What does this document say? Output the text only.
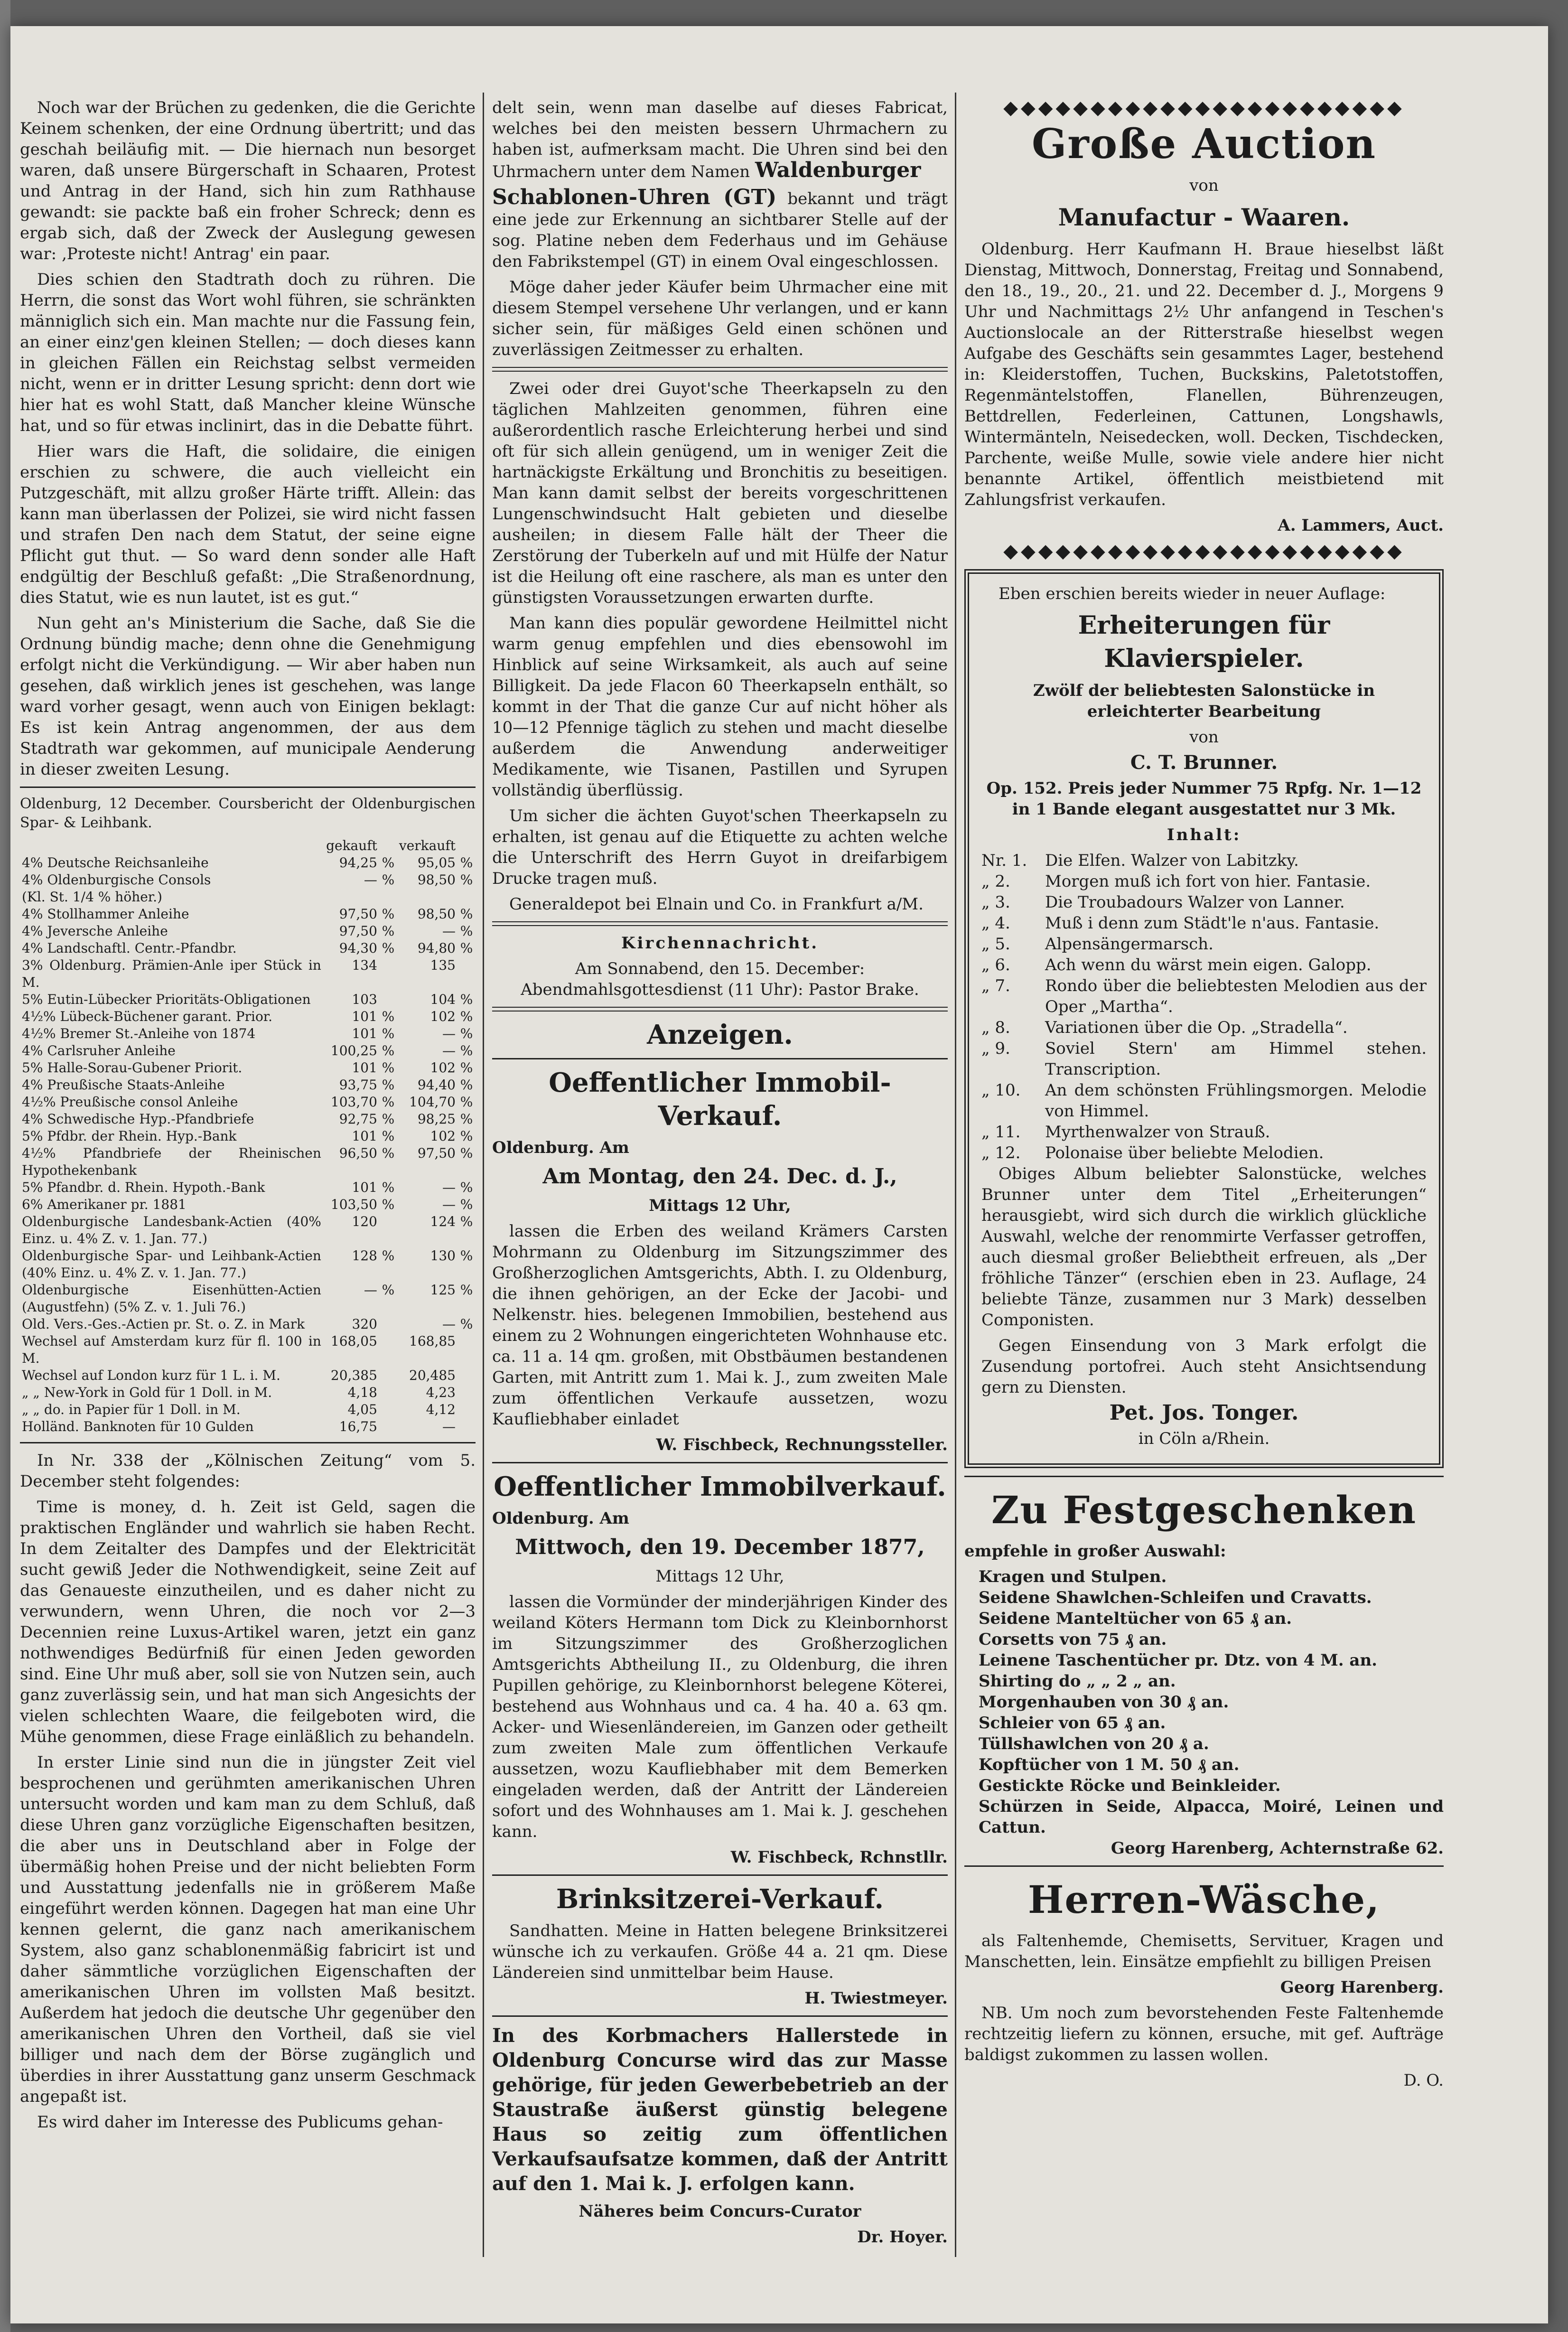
Noch war der Brüchen zu gedenken, die die Gerichte Keinem schenken, der eine Ordnung übertritt; und das geschah beiläufig mit. — Die hiernach nun besorget waren, daß unsere Bürgerschaft in Schaaren, Protest und Antrag in der Hand, sich hin zum Rathhause gewandt: sie packte baß ein froher Schreck; denn es ergab sich, daß der Zweck der Auslegung gewesen war: ‚Proteste nicht! Antrag' ein paar.

Dies schien den Stadtrath doch zu rühren. Die Herrn, die sonst das Wort wohl führen, sie schränkten männiglich sich ein. Man machte nur die Fassung fein, an einer einz'gen kleinen Stellen; — doch dieses kann in gleichen Fällen ein Reichstag selbst vermeiden nicht, wenn er in dritter Lesung spricht: denn dort wie hier hat es wohl Statt, daß Mancher kleine Wünsche hat, und so für etwas inclinirt, das in die Debatte führt.

Hier wars die Haft, die solidaire, die einigen erschien zu schwere, die auch vielleicht ein Putzgeschäft, mit allzu großer Härte trifft. Allein: das kann man überlassen der Polizei, sie wird nicht fassen und strafen Den nach dem Statut, der seine eigne Pflicht gut thut. — So ward denn sonder alle Haft endgültig der Beschluß gefaßt: „Die Straßenordnung, dies Statut, wie es nun lautet, ist es gut.“

Nun geht an's Ministerium die Sache, daß Sie die Ordnung bündig mache; denn ohne die Genehmigung erfolgt nicht die Verkündigung. — Wir aber haben nun gesehen, daß wirklich jenes ist geschehen, was lange ward vorher gesagt, wenn auch von Einigen beklagt: Es ist kein Antrag angenommen, der aus dem Stadtrath war gekommen, auf municipale Aenderung in dieser zweiten Lesung.

Oldenburg, 12 December. Coursbericht der Oldenburgischen Spar- & Leihbank.

	gekauft		verkauft	
4% Deutsche Reichsanleihe	94,25	%	95,05	%
4% Oldenburgische Consols	—	%	98,50	%
(Kl. St. 1/4 % höher.)				
4% Stollhammer Anleihe	97,50	%	98,50	%
4% Jeversche Anleihe	97,50	%	—	%
4% Landschaftl. Centr.-Pfandbr.	94,30	%	94,80	%
3% Oldenburg. Prämien-Anle iper Stück in M.	134		135	
5% Eutin-Lübecker Prioritäts-Obligationen	103		104	%
4½% Lübeck-Büchener garant. Prior.	101	%	102	%
4½% Bremer St.-Anleihe von 1874	101	%	—	%
4% Carlsruher Anleihe	100,25	%	—	%
5% Halle-Sorau-Gubener Priorit.	101	%	102	%
4% Preußische Staats-Anleihe	93,75	%	94,40	%
4½% Preußische consol Anleihe	103,70	%	104,70	%
4% Schwedische Hyp.-Pfandbriefe	92,75	%	98,25	%
5% Pfdbr. der Rhein. Hyp.-Bank	101	%	102	%
4½% Pfandbriefe der Rheinischen Hypothekenbank	96,50	%	97,50	%
5% Pfandbr. d. Rhein. Hypoth.-Bank	101	%	—	%
6% Amerikaner pr. 1881	103,50	%	—	%
Oldenburgische Landesbank-Actien (40% Einz. u. 4% Z. v. 1. Jan. 77.)	120		124	%
Oldenburgische Spar- und Leihbank-Actien (40% Einz. u. 4% Z. v. 1. Jan. 77.)	128	%	130	%
Oldenburgische Eisenhütten-Actien (Augustfehn) (5% Z. v. 1. Juli 76.)	—	%	125	%
Old. Vers.-Ges.-Actien pr. St. o. Z. in Mark	320		—	%
Wechsel auf Amsterdam kurz für fl. 100 in M.	168,05		168,85	
Wechsel auf London kurz für 1 L. i. M.	20,385		20,485	
„ „ New-York in Gold für 1 Doll. in M.	4,18		4,23	
„ „ do. in Papier für 1 Doll. in M.	4,05		4,12	
Holländ. Banknoten für 10 Gulden	16,75		—	

In Nr. 338 der „Kölnischen Zeitung“ vom 5. December steht folgendes:

Time is money, d. h. Zeit ist Geld, sagen die praktischen Engländer und wahrlich sie haben Recht. In dem Zeitalter des Dampfes und der Elektricität sucht gewiß Jeder die Nothwendigkeit, seine Zeit auf das Genaueste einzutheilen, und es daher nicht zu verwundern, wenn Uhren, die noch vor 2—3 Decennien reine Luxus-Artikel waren, jetzt ein ganz nothwendiges Bedürfniß für einen Jeden geworden sind. Eine Uhr muß aber, soll sie von Nutzen sein, auch ganz zuverlässig sein, und hat man sich Angesichts der vielen schlechten Waare, die feilgeboten wird, die Mühe genommen, diese Frage einläßlich zu behandeln.

In erster Linie sind nun die in jüngster Zeit viel besprochenen und gerühmten amerikanischen Uhren untersucht worden und kam man zu dem Schluß, daß diese Uhren ganz vorzügliche Eigenschaften besitzen, die aber uns in Deutschland aber in Folge der übermäßig hohen Preise und der nicht beliebten Form und Ausstattung jedenfalls nie in größerem Maße eingeführt werden können. Dagegen hat man eine Uhr kennen gelernt, die ganz nach amerikanischem System, also ganz schablonenmäßig fabricirt ist und daher sämmtliche vorzüglichen Eigenschaften der amerikanischen Uhren im vollsten Maß besitzt. Außerdem hat jedoch die deutsche Uhr gegenüber den amerikanischen Uhren den Vortheil, daß sie viel billiger und nach dem der Börse zugänglich und überdies in ihrer Ausstattung ganz unserm Geschmack angepaßt ist.

Es wird daher im Interesse des Publicums gehan-

delt sein, wenn man daselbe auf dieses Fabricat, welches bei den meisten bessern Uhrmachern zu haben ist, aufmerksam macht. Die Uhren sind bei den Uhrmachern unter dem Namen Waldenburger

Schablonen-Uhren (GT) bekannt und trägt eine jede zur Erkennung an sichtbarer Stelle auf der sog. Platine neben dem Federhaus und im Gehäuse den Fabrikstempel (GT) in einem Oval eingeschlossen.

Möge daher jeder Käufer beim Uhrmacher eine mit diesem Stempel versehene Uhr verlangen, und er kann sicher sein, für mäßiges Geld einen schönen und zuverlässigen Zeitmesser zu erhalten.

Zwei oder drei Guyot'sche Theerkapseln zu den täglichen Mahlzeiten genommen, führen eine außerordentlich rasche Erleichterung herbei und sind oft für sich allein genügend, um in weniger Zeit die hartnäckigste Erkältung und Bronchitis zu beseitigen. Man kann damit selbst der bereits vorgeschrittenen Lungenschwindsucht Halt gebieten und dieselbe ausheilen; in diesem Falle hält der Theer die Zerstörung der Tuberkeln auf und mit Hülfe der Natur ist die Heilung oft eine raschere, als man es unter den günstigsten Voraussetzungen erwarten durfte.

Man kann dies populär gewordene Heilmittel nicht warm genug empfehlen und dies ebensowohl im Hinblick auf seine Wirksamkeit, als auch auf seine Billigkeit. Da jede Flacon 60 Theerkapseln enthält, so kommt in der That die ganze Cur auf nicht höher als 10—12 Pfennige täglich zu stehen und macht dieselbe außerdem die Anwendung anderweitiger Medikamente, wie Tisanen, Pastillen und Syrupen vollständig überflüssig.

Um sicher die ächten Guyot'schen Theerkapseln zu erhalten, ist genau auf die Etiquette zu achten welche die Unterschrift des Herrn Guyot in dreifarbigem Drucke tragen muß.

Generaldepot bei Elnain und Co. in Frankfurt a/M.

Kirchennachricht.

Am Sonnabend, den 15. December: Abendmahlsgottesdienst (11 Uhr): Pastor Brake.

Anzeigen.

Oeffentlicher Immobil-Verkauf.

Oldenburg. Am

Am Montag, den 24. Dec. d. J.,

Mittags 12 Uhr,

lassen die Erben des weiland Krämers Carsten Mohrmann zu Oldenburg im Sitzungszimmer des Großherzoglichen Amtsgerichts, Abth. I. zu Oldenburg, die ihnen gehörigen, an der Ecke der Jacobi- und Nelkenstr. hies. belegenen Immobilien, bestehend aus einem zu 2 Wohnungen eingerichteten Wohnhause etc. ca. 11 a. 14 qm. großen, mit Obstbäumen bestandenen Garten, mit Antritt zum 1. Mai k. J., zum zweiten Male zum öffentlichen Verkaufe aussetzen, wozu Kaufliebhaber einladet

W. Fischbeck, Rechnungssteller.

Oeffentlicher Immobilverkauf.

Oldenburg. Am

Mittwoch, den 19. December 1877,

Mittags 12 Uhr,

lassen die Vormünder der minderjährigen Kinder des weiland Köters Hermann tom Dick zu Kleinbornhorst im Sitzungszimmer des Großherzoglichen Amtsgerichts Abtheilung II., zu Oldenburg, die ihren Pupillen gehörige, zu Kleinbornhorst belegene Köterei, bestehend aus Wohnhaus und ca. 4 ha. 40 a. 63 qm. Acker- und Wiesenländereien, im Ganzen oder getheilt zum zweiten Male zum öffentlichen Verkaufe aussetzen, wozu Kaufliebhaber mit dem Bemerken eingeladen werden, daß der Antritt der Ländereien sofort und des Wohnhauses am 1. Mai k. J. geschehen kann.

W. Fischbeck, Rchnstllr.

Brinksitzerei-Verkauf.

Sandhatten. Meine in Hatten belegene Brinksitzerei wünsche ich zu verkaufen. Größe 44 a. 21 qm. Diese Ländereien sind unmittelbar beim Hause.

H. Twiestmeyer.

In des Korbmachers Hallerstede in Oldenburg Concurse wird das zur Masse gehörige, für jeden Gewerbebetrieb an der Staustraße äußerst günstig belegene Haus so zeitig zum öffentlichen Verkaufsaufsatze kommen, daß der Antritt auf den 1. Mai k. J. erfolgen kann.

Näheres beim Concurs-Curator

Dr. Hoyer.

◆◆◆◆◆◆◆◆◆◆◆◆◆◆◆◆◆◆◆◆◆◆◆

Große Auction

von

Manufactur - Waaren.

Oldenburg. Herr Kaufmann H. Braue hieselbst läßt Dienstag, Mittwoch, Donnerstag, Freitag und Sonnabend, den 18., 19., 20., 21. und 22. December d. J., Morgens 9 Uhr und Nachmittags 2½ Uhr anfangend in Teschen's Auctionslocale an der Ritterstraße hieselbst wegen Aufgabe des Geschäfts sein gesammtes Lager, bestehend in: Kleiderstoffen, Tuchen, Buckskins, Paletotstoffen, Regenmäntelstoffen, Flanellen, Bührenzeugen, Bettdrellen, Federleinen, Cattunen, Longshawls, Wintermänteln, Neisedecken, woll. Decken, Tischdecken, Parchente, weiße Mulle, sowie viele andere hier nicht benannte Artikel, öffentlich meistbietend mit Zahlungsfrist verkaufen.

A. Lammers, Auct.

◆◆◆◆◆◆◆◆◆◆◆◆◆◆◆◆◆◆◆◆◆◆◆

Eben erschien bereits wieder in neuer Auflage:

Erheiterungen für Klavierspieler.

Zwölf der beliebtesten Salonstücke in erleichterter Bearbeitung

von

C. T. Brunner.

Op. 152. Preis jeder Nummer 75 Rpfg. Nr. 1—12 in 1 Bande elegant ausgestattet nur 3 Mk.

Inhalt:

Nr. 1.	Die Elfen. Walzer von Labitzky.
„ 2.	Morgen muß ich fort von hier. Fantasie.
„ 3.	Die Troubadours Walzer von Lanner.
„ 4.	Muß i denn zum Städt'le n'aus. Fantasie.
„ 5.	Alpensängermarsch.
„ 6.	Ach wenn du wärst mein eigen. Galopp.
„ 7.	Rondo über die beliebtesten Melodien aus der Oper „Martha“.
„ 8.	Variationen über die Op. „Stradella“.
„ 9.	Soviel Stern' am Himmel stehen. Transcription.
„ 10.	An dem schönsten Frühlingsmorgen. Melodie von Himmel.
„ 11.	Myrthenwalzer von Strauß.
„ 12.	Polonaise über beliebte Melodien.

Obiges Album beliebter Salonstücke, welches Brunner unter dem Titel „Erheiterungen“ herausgiebt, wird sich durch die wirklich glückliche Auswahl, welche der renommirte Verfasser getroffen, auch diesmal großer Beliebtheit erfreuen, als „Der fröhliche Tänzer“ (erschien eben in 23. Auflage, 24 beliebte Tänze, zusammen nur 3 Mark) desselben Componisten.

Gegen Einsendung von 3 Mark erfolgt die Zusendung portofrei. Auch steht Ansichtsendung gern zu Diensten.

Pet. Jos. Tonger.

in Cöln a/Rhein.

Zu Festgeschenken

empfehle in großer Auswahl:

Kragen und Stulpen.
Seidene Shawlchen-Schleifen und Cravatts.
Seidene Manteltücher von 65 ₰ an.
Corsetts von 75 ₰ an.
Leinene Taschentücher pr. Dtz. von 4 M. an.
Shirting do „ „ 2 „ an.
Morgenhauben von 30 ₰ an.
Schleier von 65 ₰ an.
Tüllshawlchen von 20 ₰ a.
Kopftücher von 1 M. 50 ₰ an.
Gestickte Röcke und Beinkleider.
Schürzen in Seide, Alpacca, Moiré, Leinen und Cattun.

Georg Harenberg, Achternstraße 62.

Herren-Wäsche,

als Faltenhemde, Chemisetts, Servituer, Kragen und Manschetten, lein. Einsätze empfiehlt zu billigen Preisen

Georg Harenberg.

NB. Um noch zum bevorstehenden Feste Faltenhemde rechtzeitig liefern zu können, ersuche, mit gef. Aufträge baldigst zukommen zu lassen wollen.

D. O.
